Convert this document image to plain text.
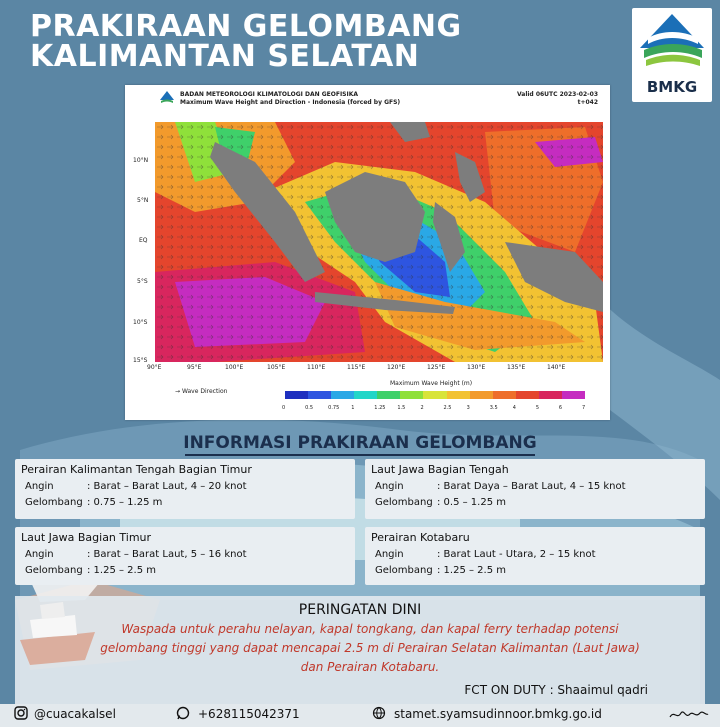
PRAKIRAAN GELOMBANG
KALIMANTAN SELATAN
BMKG
BADAN METEOROLOGI KLIMATOLOGI DAN GEOFISIKA
Maximum Wave Height and Direction - Indonesia (forced by GFS)
Valid 06UTC 2023-02-03
t+042
10°N
5°N
EQ
5°S
10°S
15°S
90°E	95°E	100°E	105°E	110°E	115°E	120°E	125°E	130°E	135°E	140°E
→ Wave Direction
Maximum Wave Height (m)
0	0.5	0.75 1	1.25 1.5	2	2.5	3	3.5	4	5	6	7
INFORMASI PRAKIRAAN GELOMBANG
Perairan Kalimantan Tengah Bagian Timur
Angin	: Barat – Barat Laut, 4 – 20 knot
Gelombang : 0.75 – 1.25 m
Laut Jawa Bagian Tengah
Angin	: Barat Daya – Barat Laut, 4 – 15 knot
Gelombang : 0.5 – 1.25 m
Laut Jawa Bagian Timur
Angin	: Barat – Barat Laut, 5 – 16 knot
Gelombang : 1.25 – 2.5 m
Perairan Kotabaru
Angin	: Barat Laut - Utara, 2 – 15 knot
Gelombang : 1.25 – 2.5 m
PERINGATAN DINI
Waspada untuk perahu nelayan, kapal tongkang, dan kapal ferry terhadap potensi
gelombang tinggi yang dapat mencapai 2.5 m di Perairan Selatan Kalimantan (Laut Jawa)
dan Perairan Kotabaru.
FCT ON DUTY : Shaaimul qadri
@cuacakalsel	+628115042371	stamet.syamsudinnoor.bmkg.go.id
